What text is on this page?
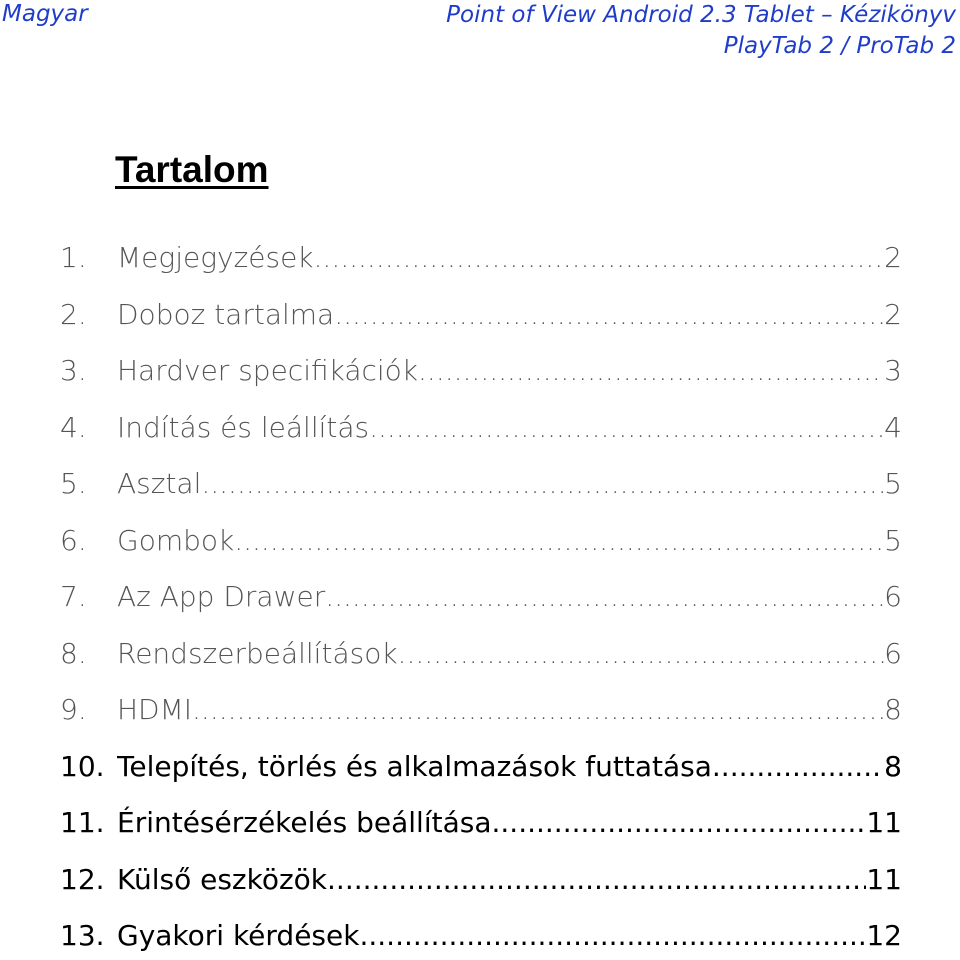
Magyar	Point of View Android 2.3 Tablet – Kézikönyv
PlayTab 2 / ProTab 2
Tartalom
1. Megjegyzések .....	2
2. Doboz tartalma .....	2
3. Hardver specifikációk .....	3
4. Indítás és leállítás .....	4
5. Asztal .....	5
6. Gombok .....	5
7. Az App Drawer .....	6
8. Rendszerbeállítások .....	6
9. HDMI .....	8
10. Telepítés, törlés és alkalmazások futtatása .....	8
11. Érintésérzékelés beállítása .....	11
12. Külső eszközök .....	11
13. Gyakori kérdések .....	12
